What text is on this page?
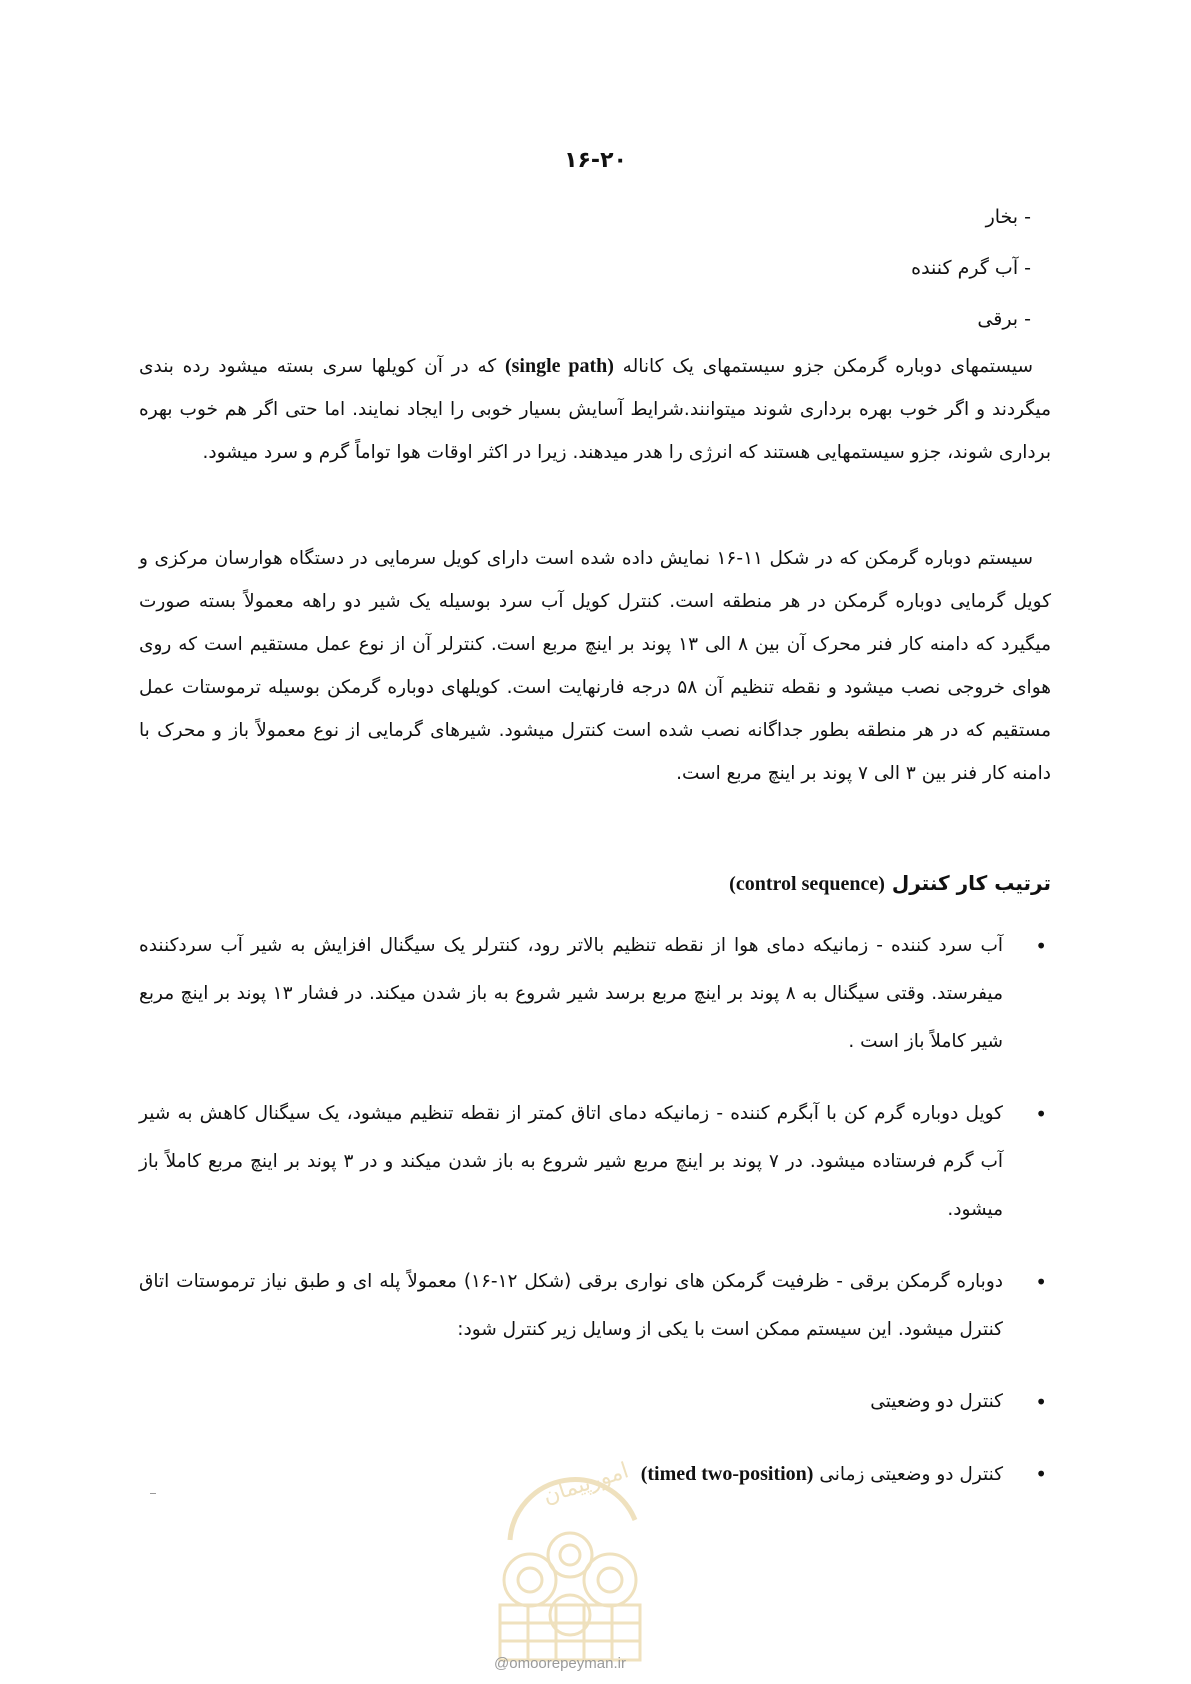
۱۶-۲۰
- بخار
- آب گرم کننده
- برقی

سیستمهای دوباره گرمکن جزو سیستمهای یک کاناله (single path) که در آن کویلها سری بسته میشود رده بندی میگردند و اگر خوب بهره برداری شوند میتوانند.شرایط آسایش بسیار خوبی را ایجاد نمایند. اما حتی اگر هم خوب بهره برداری شوند، جزو سیستمهایی هستند که انرژی را هدر میدهند. زیرا در اکثر اوقات هوا تواماً گرم و سرد میشود.

سیستم دوباره گرمکن که در شکل ۱۱-۱۶ نمایش داده شده است دارای کویل سرمایی در دستگاه هوارسان مرکزی و کویل گرمایی دوباره گرمکن در هر منطقه است. کنترل کویل آب سرد بوسیله یک شیر دو راهه معمولاً بسته صورت میگیرد که دامنه کار فنر محرک آن بین ۸ الی ۱۳ پوند بر اینچ مربع است. کنترلر آن از نوع عمل مستقیم است که روی هوای خروجی نصب میشود و نقطه تنظیم آن ۵۸ درجه فارنهایت است. کویلهای دوباره گرمکن بوسیله ترموستات عمل مستقیم که در هر منطقه بطور جداگانه نصب شده است کنترل میشود. شیرهای گرمایی از نوع معمولاً باز و محرک با دامنه کار فنر بین ۳ الی ۷ پوند بر اینچ مربع است.

ترتیب کار کنترل (control sequence)
•
آب سرد کننده - زمانیکه دمای هوا از نقطه تنظیم بالاتر رود، کنترلر یک سیگنال افزایش به شیر آب سردکننده میفرستد. وقتی سیگنال به ۸ پوند بر اینچ مربع برسد شیر شروع به باز شدن میکند. در فشار ۱۳ پوند بر اینچ مربع شیر کاملاً باز است .
•
کویل دوباره گرم کن با آبگرم کننده - زمانیکه دمای اتاق کمتر از نقطه تنظیم میشود، یک سیگنال کاهش به شیر آب گرم فرستاده میشود. در ۷ پوند بر اینچ مربع شیر شروع به باز شدن میکند و در ۳ پوند بر اینچ مربع کاملاً باز میشود.
•
دوباره گرمکن برقی - ظرفیت گرمکن های نواری برقی (شکل ۱۲-۱۶) معمولاً پله ای و طبق نیاز ترموستات اتاق کنترل میشود. این سیستم ممکن است با یکی از وسایل زیر کنترل شود:
•
کنترل دو وضعیتی
•
کنترل دو وضعیتی زمانی (timed two-position)
امورپیمان
@omoorepeyman.ir
